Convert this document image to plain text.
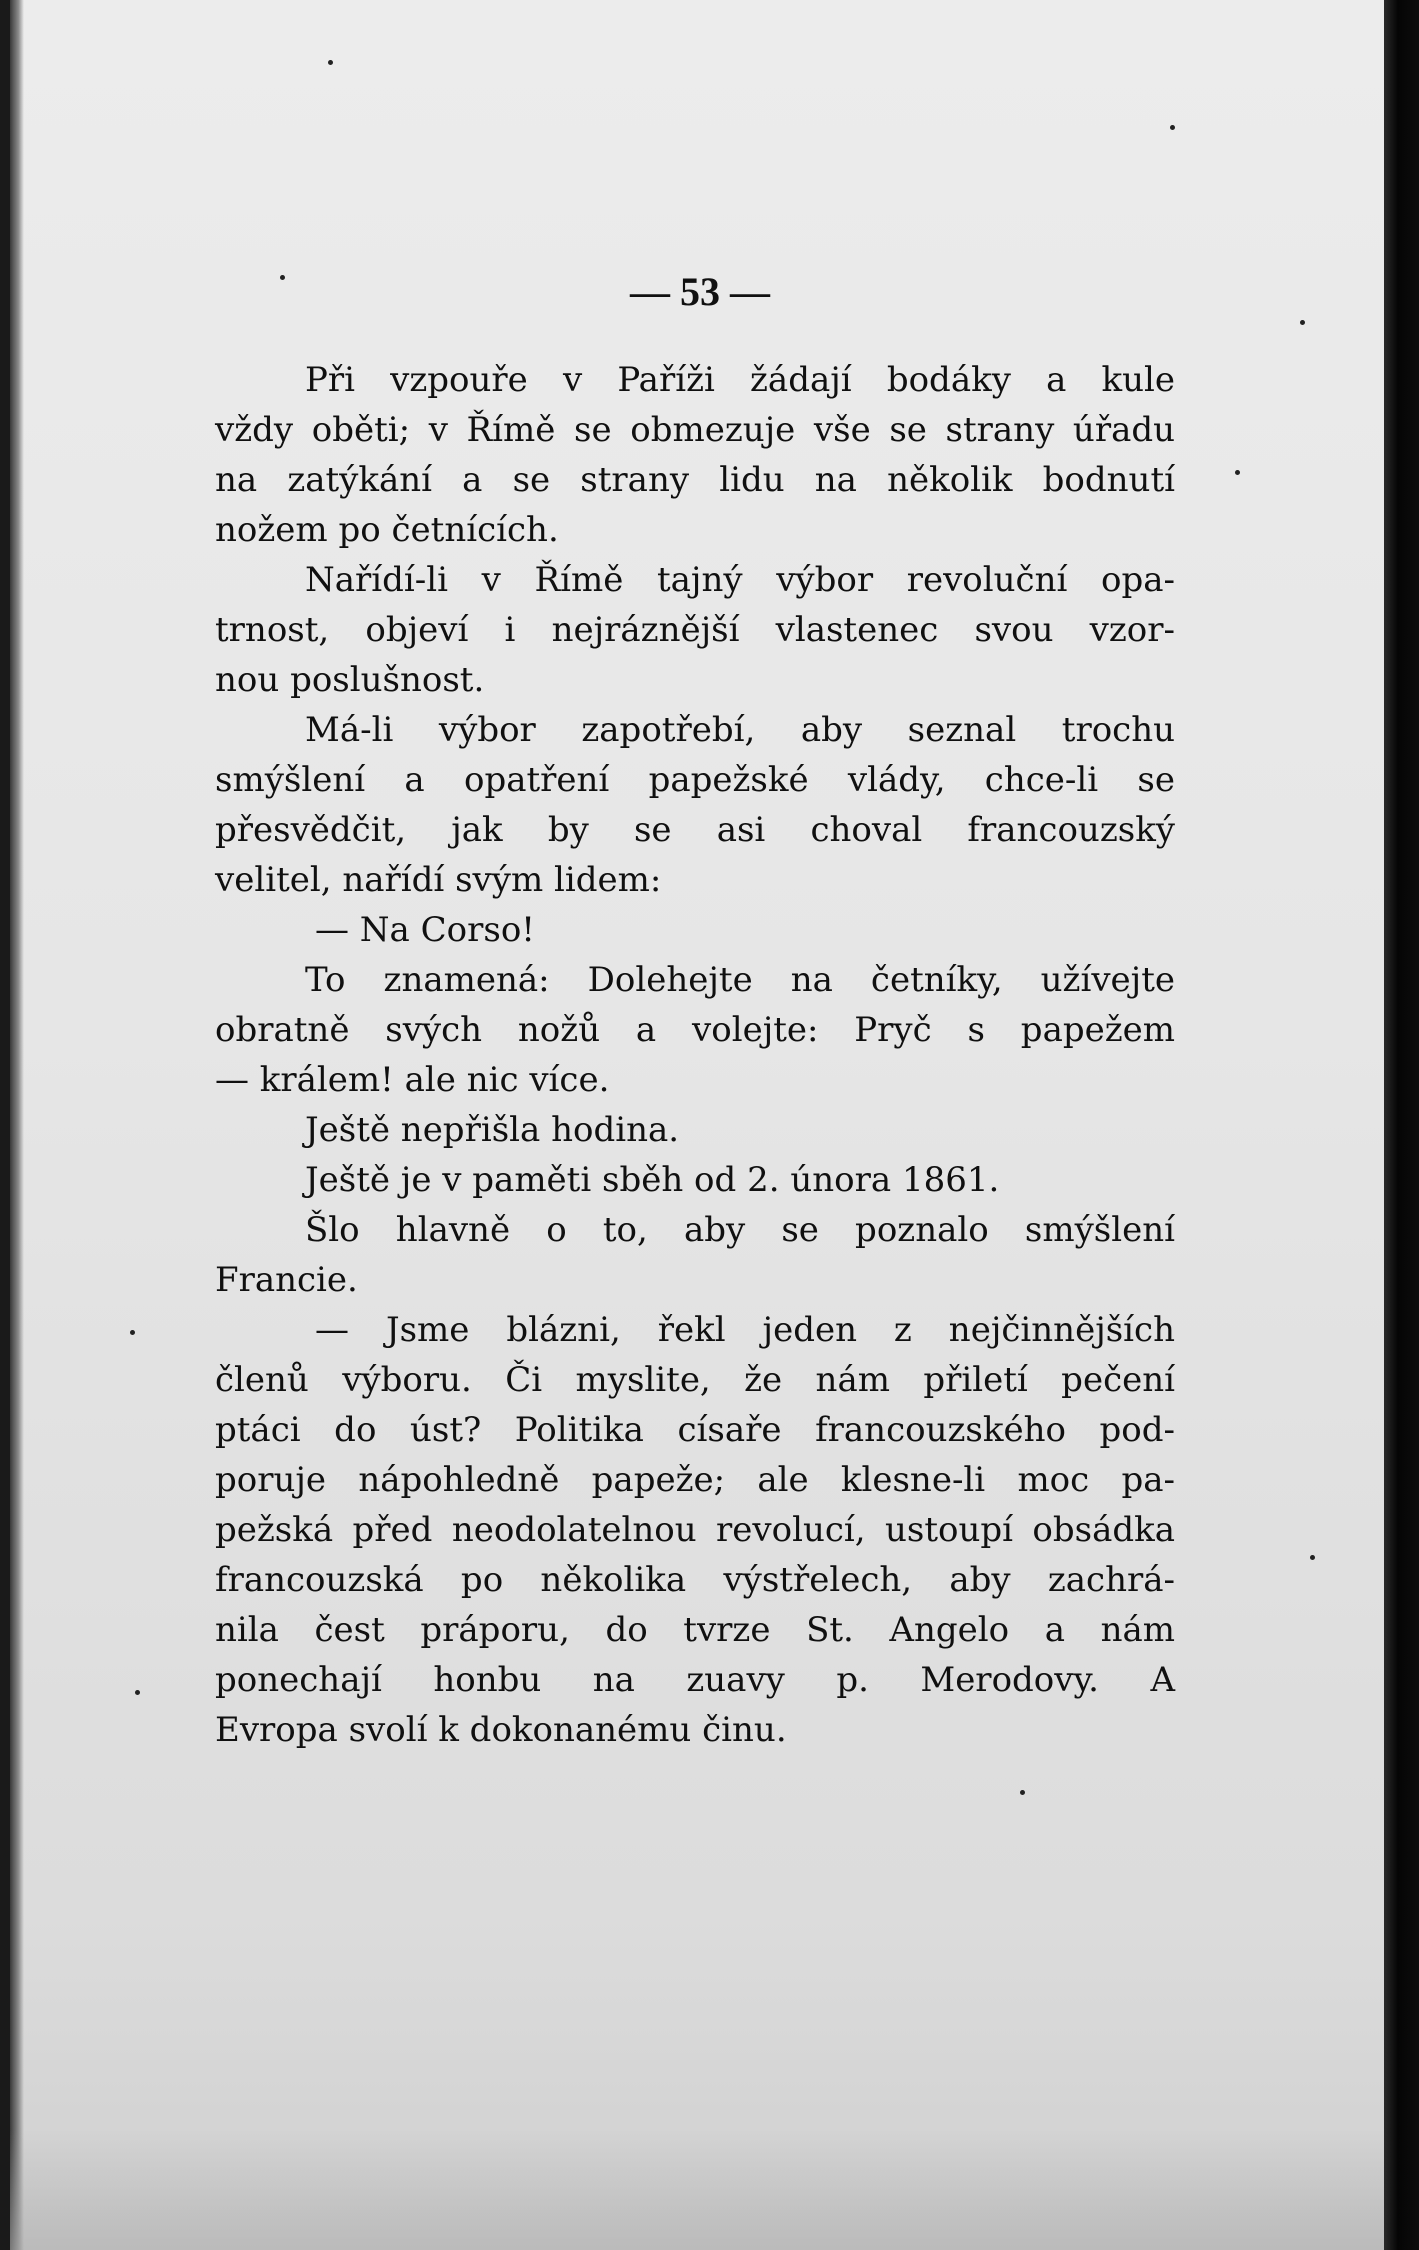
— 53 —
Při vzpouře v Paříži žádají bodáky a kule
vždy oběti; v Římě se obmezuje vše se strany úřadu
na zatýkání a se strany lidu na několik bodnutí
nožem po četnících.
Nařídí-li v Římě tajný výbor revoluční opa-
trnost, objeví i nejráznější vlastenec svou vzor-
nou poslušnost.
Má-li výbor zapotřebí, aby seznal trochu
smýšlení a opatření papežské vlády, chce-li se
přesvědčit, jak by se asi choval francouzský
velitel, nařídí svým lidem:
— Na Corso!
To znamená: Dolehejte na četníky, užívejte
obratně svých nožů a volejte: Pryč s papežem
— králem! ale nic více.
Ještě nepřišla hodina.
Ještě je v paměti sběh od 2. února 1861.
Šlo hlavně o to, aby se poznalo smýšlení
Francie.
— Jsme blázni, řekl jeden z nejčinnějších
členů výboru. Či myslite, že nám přiletí pečení
ptáci do úst? Politika císaře francouzského pod-
poruje nápohledně papeže; ale klesne-li moc pa-
pežská před neodolatelnou revolucí, ustoupí obsádka
francouzská po několika výstřelech, aby zachrá-
nila čest práporu, do tvrze St. Angelo a nám
ponechají honbu na zuavy p. Merodovy. A
Evropa svolí k dokonanému činu.
